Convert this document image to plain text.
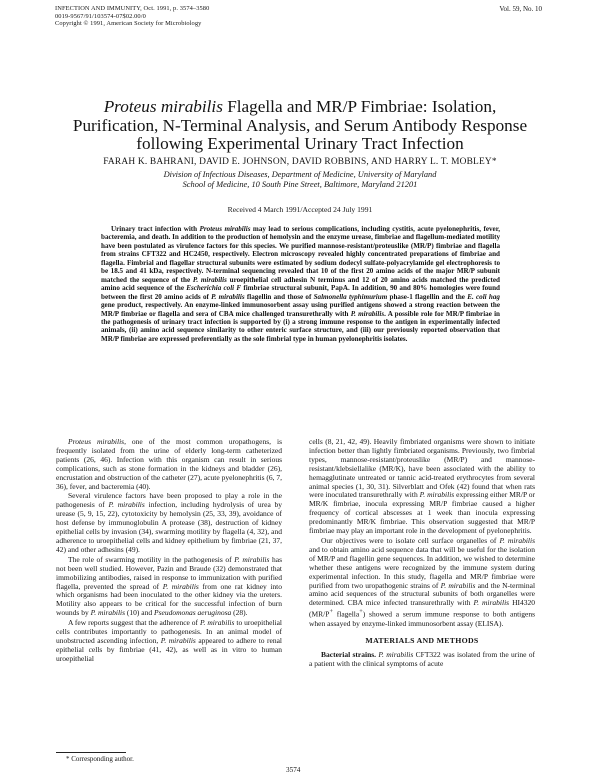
INFECTION AND IMMUNITY, Oct. 1991, p. 3574–3580
0019-9567/91/103574-07$02.00/0
Copyright © 1991, American Society for Microbiology
Vol. 59, No. 10
Proteus mirabilis Flagella and MR/P Fimbriae: Isolation, Purification, N-Terminal Analysis, and Serum Antibody Response following Experimental Urinary Tract Infection
FARAH K. BAHRANI, DAVID E. JOHNSON, DAVID ROBBINS, AND HARRY L. T. MOBLEY*
Division of Infectious Diseases, Department of Medicine, University of Maryland
School of Medicine, 10 South Pine Street, Baltimore, Maryland 21201
Received 4 March 1991/Accepted 24 July 1991
Urinary tract infection with Proteus mirabilis may lead to serious complications, including cystitis, acute pyelonephritis, fever, bacteremia, and death. In addition to the production of hemolysin and the enzyme urease, fimbriae and flagellum-mediated motility have been postulated as virulence factors for this species. We purified mannose-resistant/proteuslike (MR/P) fimbriae and flagella from strains CFT322 and HC2450, respectively. Electron microscopy revealed highly concentrated preparations of fimbriae and flagella. Fimbrial and flagellar structural subunits were estimated by sodium dodecyl sulfate-polyacrylamide gel electrophoresis to be 18.5 and 41 kDa, respectively. N-terminal sequencing revealed that 10 of the first 20 amino acids of the major MR/P subunit matched the sequence of the P. mirabilis uroepithelial cell adhesin N terminus and 12 of 20 amino acids matched the predicted amino acid sequence of the Escherichia coli F fimbriae structural subunit, PapA. In addition, 90 and 80% homologies were found between the first 20 amino acids of P. mirabilis flagellin and those of Salmonella typhimurium phase-1 flagellin and the E. coli hag gene product, respectively. An enzyme-linked immunosorbent assay using purified antigens showed a strong reaction between the MR/P fimbriae or flagella and sera of CBA mice challenged transurethrally with P. mirabilis. A possible role for MR/P fimbriae in the pathogenesis of urinary tract infection is supported by (i) a strong immune response to the antigen in experimentally infected animals, (ii) amino acid sequence similarity to other enteric surface structure, and (iii) our previously reported observation that MR/P fimbriae are expressed preferentially as the sole fimbrial type in human pyelonephritis isolates.

Proteus mirabilis, one of the most common uropathogens, is frequently isolated from the urine of elderly long-term catheterized patients (26, 46). Infection with this organism can result in serious complications, such as stone formation in the kidneys and bladder (26), encrustation and obstruction of the catheter (27), acute pyelonephritis (6, 7, 36), fever, and bacteremia (40).

Several virulence factors have been proposed to play a role in the pathogenesis of P. mirabilis infection, including hydrolysis of urea by urease (5, 9, 15, 22), cytotoxicity by hemolysin (25, 33, 39), avoidance of host defense by immunoglobulin A protease (38), destruction of kidney epithelial cells by invasion (34), swarming motility by flagella (4, 32), and adherence to uroepithelial cells and kidney epithelium by fimbriae (21, 37, 42) and other adhesins (49).

The role of swarming motility in the pathogenesis of P. mirabilis has not been well studied. However, Pazin and Braude (32) demonstrated that immobilizing antibodies, raised in response to immunization with purified flagella, prevented the spread of P. mirabilis from one rat kidney into which organisms had been inoculated to the other kidney via the ureters. Motility also appears to be critical for the successful infection of burn wounds by P. mirabilis (10) and Pseudomonas aeruginosa (28).

A few reports suggest that the adherence of P. mirabilis to uroepithelial cells contributes importantly to pathogenesis. In an animal model of unobstructed ascending infection, P. mirabilis appeared to adhere to renal epithelial cells by fimbriae (41, 42), as well as in vitro to human uroepithelial

cells (8, 21, 42, 49). Heavily fimbriated organisms were shown to initiate infection better than lightly fimbriated organisms. Previously, two fimbrial types, mannose-resistant/proteuslike (MR/P) and mannose-resistant/klebsiellalike (MR/K), have been associated with the ability to hemagglutinate untreated or tannic acid-treated erythrocytes from several animal species (1, 30, 31). Silverblatt and Ofek (42) found that when rats were inoculated transurethrally with P. mirabilis expressing either MR/P or MR/K fimbriae, inocula expressing MR/P fimbriae caused a higher frequency of cortical abscesses at 1 week than inocula expressing predominantly MR/K fimbriae. This observation suggested that MR/P fimbriae may play an important role in the development of pyelonephritis.

Our objectives were to isolate cell surface organelles of P. mirabilis and to obtain amino acid sequence data that will be useful for the isolation of MR/P and flagellin gene sequences. In addition, we wished to determine whether these antigens were recognized by the immune system during experimental infection. In this study, flagella and MR/P fimbriae were purified from two uropathogenic strains of P. mirabilis and the N-terminal amino acid sequences of the structural subunits of both organelles were determined. CBA mice infected transurethrally with P. mirabilis HI4320 (MR/P+ flagella+) showed a serum immune response to both antigens when assayed by enzyme-linked immunosorbent assay (ELISA).

MATERIALS AND METHODS

Bacterial strains. P. mirabilis CFT322 was isolated from the urine of a patient with the clinical symptoms of acute

* Corresponding author.
3574
